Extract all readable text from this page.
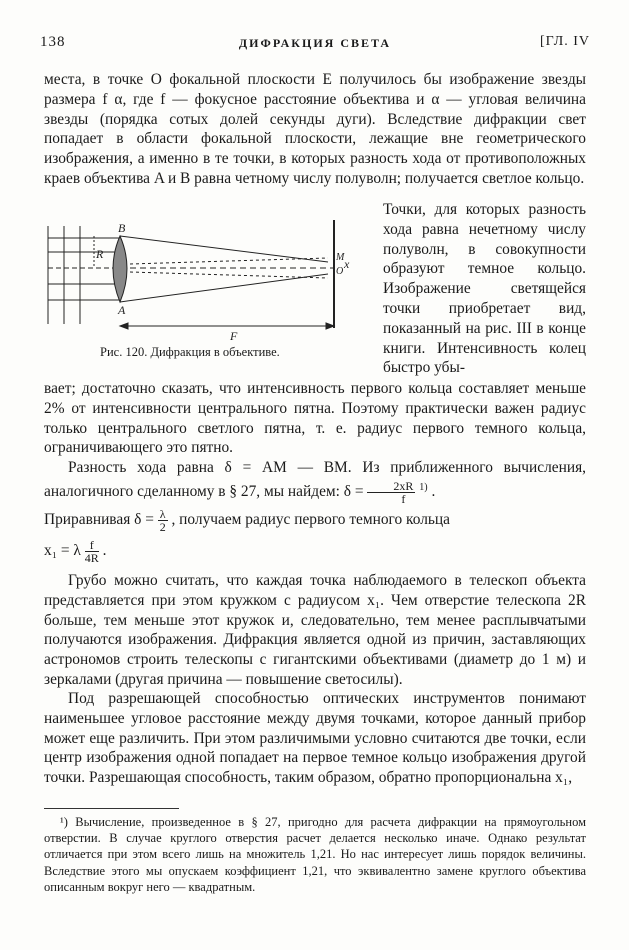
138	ДИФРАКЦИЯ СВЕТА	[ГЛ. IV
места, в точке O фокальной плоскости E получилось бы изображение звезды размера f α, где f — фокусное расстояние объектива и α — угловая величина звезды (порядка сотых долей секунды дуги). Вследствие дифракции свет попадает в области фокальной плоскости, лежащие вне геометрического изображения, а именно в те точки, в которых разность хода от противоположных краев объектива A и B равна четному числу полуволн; получается светлое кольцо.
B
A
R	M
O
x
F
Рис. 120. Дифракция в объективе.
Точки, для которых разность хода равна нечетному числу полуволн, в совокупности образуют темное кольцо. Изображение светящейся точки приобретает вид, показанный на рис. III в конце книги. Интенсивность колец быстро убы-
вает; достаточно сказать, что интенсивность первого кольца составляет меньше 2% от интенсивности центрального пятна. Поэтому практически важен радиус только центрального светлого пятна, т. е. радиус первого темного кольца, ограничивающего это пятно.
Разность хода равна δ = AM — BM. Из приближенного вычисления, аналогичного сделанному в § 27, мы найдем: $\delta = \frac{2xR}{f} ^{1)}$ .
Приравнивая $\delta = \frac{\lambda}{2}$ , получаем радиус первого темного кольца
x₁ = λ $\frac{f}{4R}$ .
Грубо можно считать, что каждая точка наблюдаемого в телескоп объекта представляется при этом кружком с радиусом x₁. Чем отверстие телескопа 2R больше, тем меньше этот кружок и, следовательно, тем менее расплывчатыми получаются изображения. Дифракция является одной из причин, заставляющих астрономов строить телескопы с гигантскими объективами (диаметр до 1 м) и зеркалами (другая причина — повышение светосилы).
Под разрешающей способностью оптических инструментов понимают наименьшее угловое расстояние между двумя точками, которое данный прибор может еще различить. При этом различимыми условно считаются две точки, если центр изображения одной попадает на первое темное кольцо изображения другой точки. Разрешающая способность, таким образом, обратно пропорциональна x₁,
¹) Вычисление, произведенное в § 27, пригодно для расчета дифракции на прямоугольном отверстии. В случае круглого отверстия расчет делается несколько иначе. Однако результат отличается при этом всего лишь на множитель 1,21. Но нас интересует лишь порядок величины. Вследствие этого мы опускаем коэффициент 1,21, что эквивалентно замене круглого объектива описанным вокруг него — квадратным.
